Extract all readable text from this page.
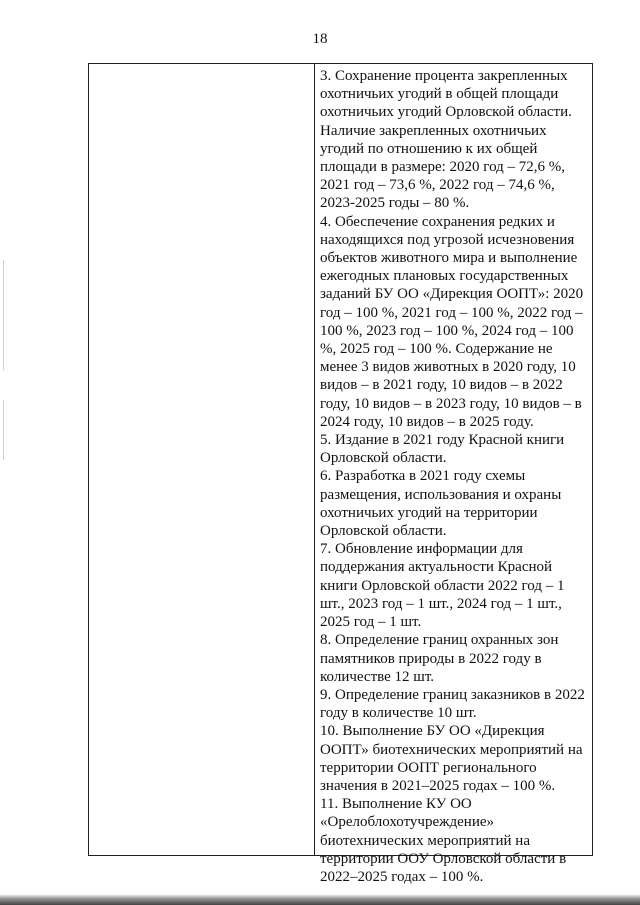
18

3. Сохранение процента закрепленных охотничьих угодий в общей площади охотничьих угодий Орловской области. Наличие закрепленных охотничьих угодий по отношению к их общей площади в размере: 2020 год – 72,6 %, 2021 год – 73,6 %, 2022 год – 74,6 %, 2023-2025 годы – 80 %.

4. Обеспечение сохранения редких и находящихся под угрозой исчезновения объектов животного мира и выполнение ежегодных плановых государственных заданий БУ ОО «Дирекция ООПТ»: 2020 год – 100 %, 2021 год – 100 %, 2022 год – 100 %, 2023 год – 100 %, 2024 год – 100 %, 2025 год – 100 %. Содержание не менее 3 видов животных в 2020 году, 10 видов – в 2021 году, 10 видов – в 2022 году, 10 видов – в 2023 году, 10 видов – в 2024 году, 10 видов – в 2025 году.

5. Издание в 2021 году Красной книги Орловской области.

6. Разработка в 2021 году схемы размещения, использования и охраны охотничьих угодий на территории Орловской области.

7. Обновление информации для поддержания актуальности Красной книги Орловской области 2022 год – 1 шт., 2023 год – 1 шт., 2024 год – 1 шт., 2025 год – 1 шт.

8. Определение границ охранных зон памятников природы в 2022 году в количестве 12 шт.

9. Определение границ заказников в 2022 году в количестве 10 шт.

10. Выполнение БУ ОО «Дирекция ООПТ» биотехнических мероприятий на территории ООПТ регионального значения в 2021–2025 годах – 100 %.

11. Выполнение КУ ОО «Орелоблохотучреждение» биотехнических мероприятий на территории ООУ Орловской области в 2022–2025 годах – 100 %.
